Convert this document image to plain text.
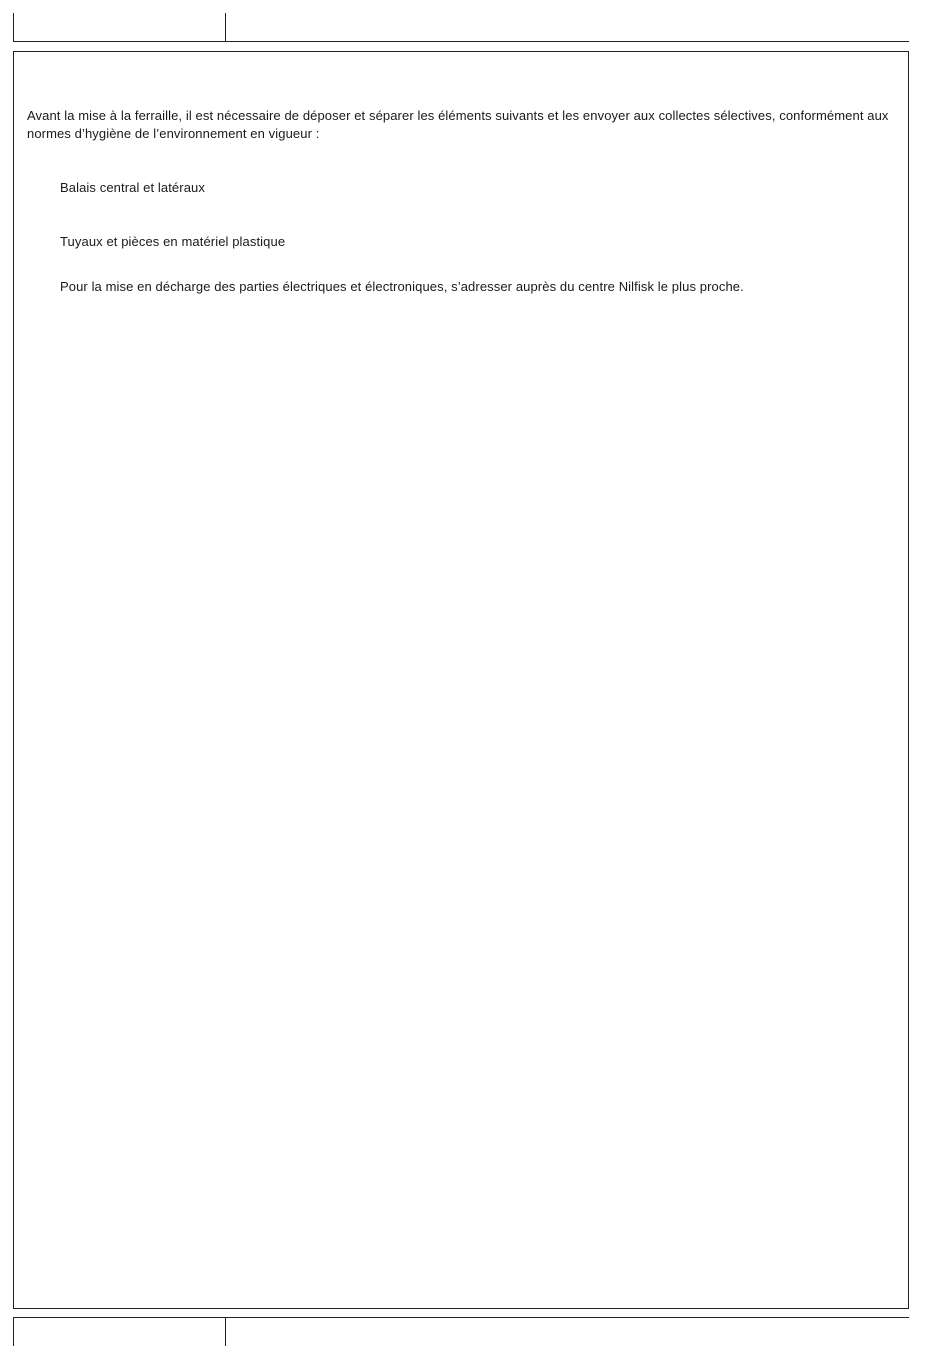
Avant la mise à la ferraille, il est nécessaire de déposer et séparer les éléments suivants et les envoyer aux collectes sélectives, conformément aux normes d’hygiène de l’environnement en vigueur :
Balais central et latéraux
Tuyaux et pièces en matériel plastique
Pour la mise en décharge des parties électriques et électroniques, s’adresser auprès du centre Nilfisk le plus proche.
